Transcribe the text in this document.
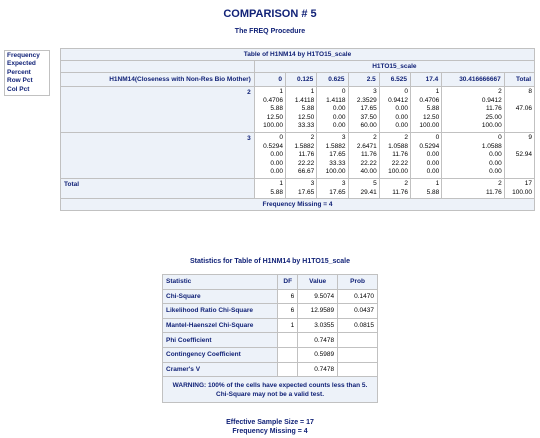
COMPARISON # 5
The FREQ Procedure
Frequency
Expected
Percent
Row Pct
Col Pct
Table of H1NM14 by H1TO15_scale								
	H1TO15_scale							
H1NM14(Closeness with Non-Res Bio Mother)	0	0.125	0.625	2.5	6.525	17.4	30.416666667	Total
2	1
0.4706
5.88
12.50
100.00	1
1.4118
5.88
12.50
33.33	0
1.4118
0.00
0.00
0.00	3
2.3529
17.65
37.50
60.00	0
0.9412
0.00
0.00
0.00	1
0.4706
5.88
12.50
100.00	2
0.9412
11.76
25.00
100.00	8

47.06
3	0
0.5294
0.00
0.00
0.00	2
1.5882
11.76
22.22
66.67	3
1.5882
17.65
33.33
100.00	2
2.6471
11.76
22.22
40.00	2
1.0588
11.76
22.22
100.00	0
0.5294
0.00
0.00
0.00	0
1.0588
0.00
0.00
0.00	9

52.94
Total	1
5.88	3
17.65	3
17.65	5
29.41	2
11.76	1
5.88	2
11.76	17
100.00
Frequency Missing = 4								
Statistics for Table of H1NM14 by H1TO15_scale
Statistic	DF	Value	Prob
Chi-Square	6	9.5074	0.1470
Likelihood Ratio Chi-Square	6	12.9589	0.0437
Mantel-Haenszel Chi-Square	1	3.0355	0.0815
Phi Coefficient		0.7478	
Contingency Coefficient		0.5989	
Cramer's V		0.7478	
WARNING: 100% of the cells have expected counts less than 5. Chi-Square may not be a valid test.			
Effective Sample Size = 17
Frequency Missing = 4
